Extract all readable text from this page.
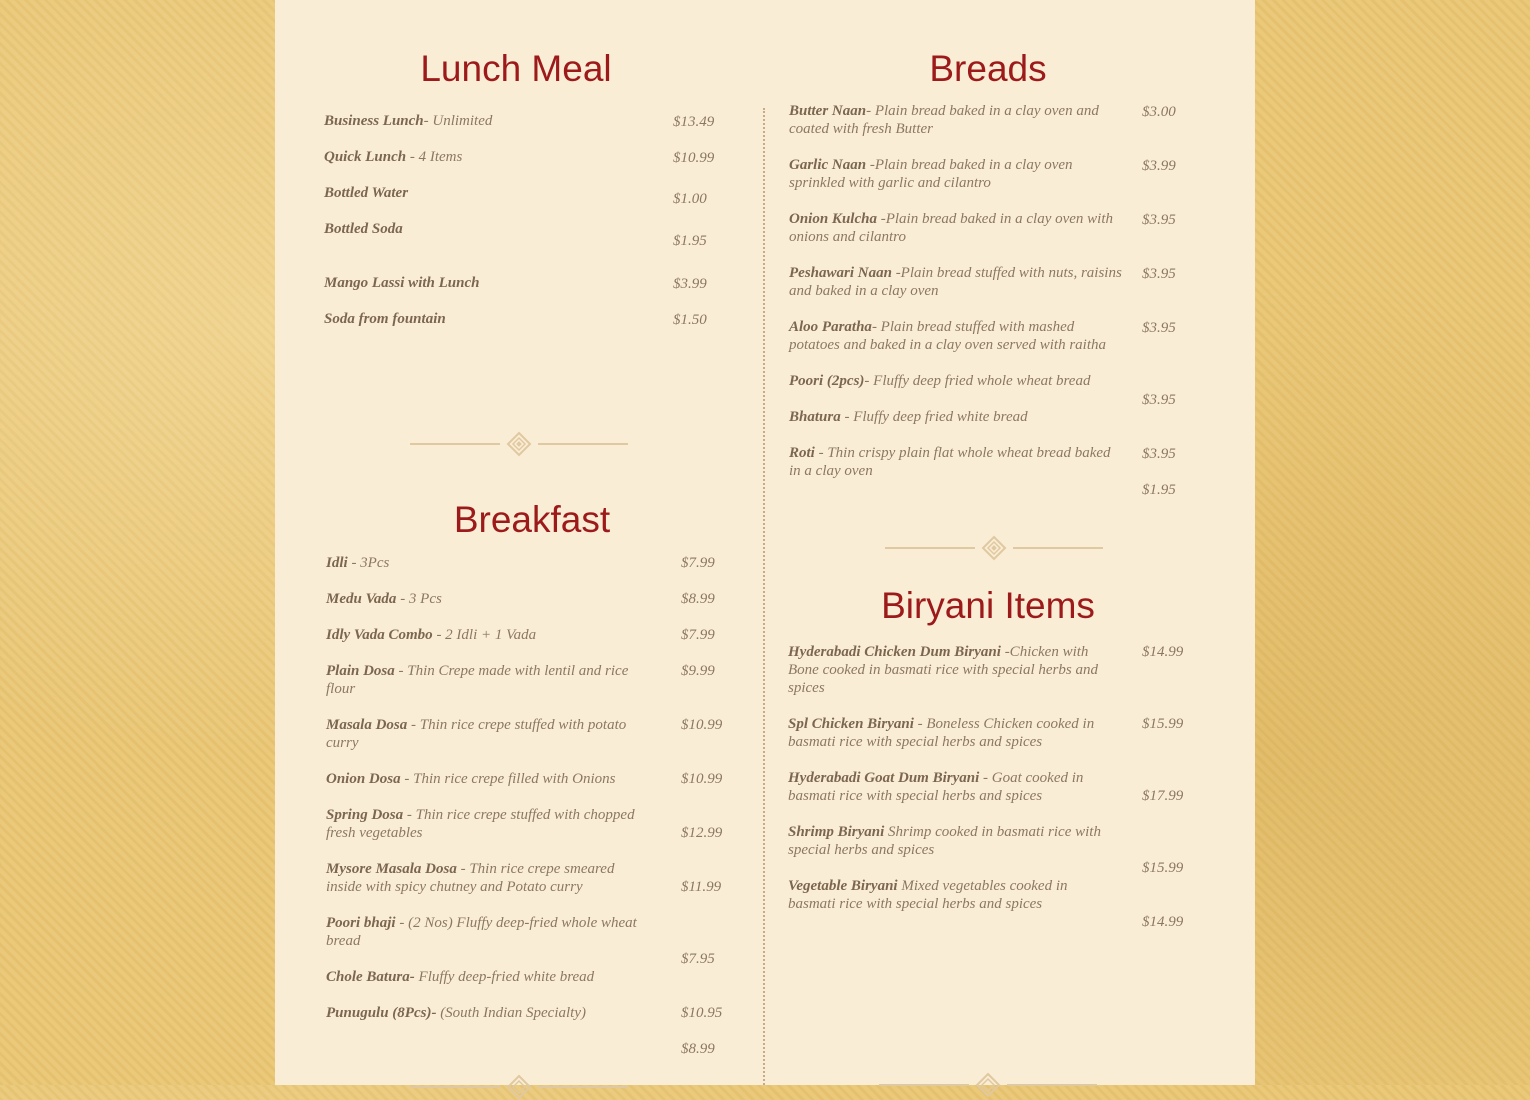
Lunch Meal
Business Lunch- Unlimited
Quick Lunch - 4 Items
Bottled Water
Bottled Soda
Mango Lassi with Lunch
Soda from fountain
$13.49
$10.99
$1.00
$1.95
$3.99
$1.50
Breakfast
Idli - 3Pcs
Medu Vada - 3 Pcs
Idly Vada Combo - 2 Idli + 1 Vada
Plain Dosa - Thin Crepe made with lentil and rice flour
Masala Dosa - Thin rice crepe stuffed with potato curry
Onion Dosa - Thin rice crepe filled with Onions
Spring Dosa - Thin rice crepe stuffed with chopped fresh vegetables
Mysore Masala Dosa - Thin rice crepe smeared inside with spicy chutney and Potato curry
Poori bhaji - (2 Nos) Fluffy deep-fried whole wheat bread
Chole Batura- Fluffy deep-fried white bread
Punugulu (8Pcs)- (South Indian Specialty)
$7.99
$8.99
$7.99
$9.99
$10.99
$10.99
$12.99
$11.99
$7.95
$10.95
$8.99
Breads
Butter Naan- Plain bread baked in a clay oven and coated with fresh Butter
Garlic Naan -Plain bread baked in a clay oven sprinkled with garlic and cilantro
Onion Kulcha -Plain bread baked in a clay oven with onions and cilantro
Peshawari Naan -Plain bread stuffed with nuts, raisins and baked in a clay oven
Aloo Paratha- Plain bread stuffed with mashed potatoes and baked in a clay oven served with raitha
Poori (2pcs)- Fluffy deep fried whole wheat bread
Bhatura - Fluffy deep fried white bread
Roti - Thin crispy plain flat whole wheat bread baked in a clay oven
$3.00
$3.99
$3.95
$3.95
$3.95
$3.95
$3.95
$1.95
Biryani Items
Hyderabadi Chicken Dum Biryani -Chicken with Bone cooked in basmati rice with special herbs and spices
Spl Chicken Biryani - Boneless Chicken cooked in basmati rice with special herbs and spices
Hyderabadi Goat Dum Biryani - Goat cooked in basmati rice with special herbs and spices
Shrimp Biryani Shrimp cooked in basmati rice with special herbs and spices
Vegetable Biryani Mixed vegetables cooked in basmati rice with special herbs and spices
$14.99
$15.99
$17.99
$15.99
$14.99
